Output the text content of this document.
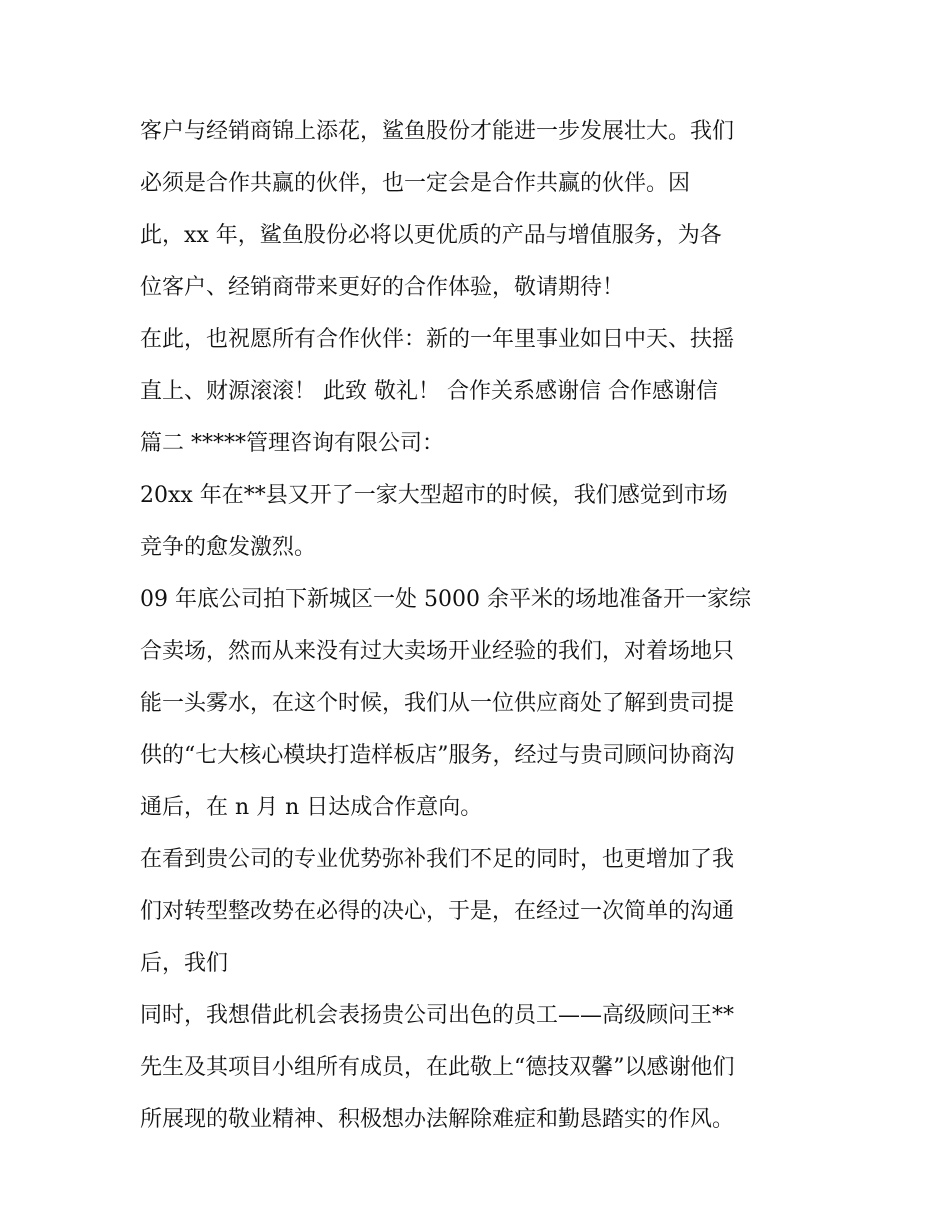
客户与经销商锦上添花，鲨鱼股份才能进一步发展壮大。我们
必须是合作共赢的伙伴，也一定会是合作共赢的伙伴。因
此，xx 年，鲨鱼股份必将以更优质的产品与增值服务，为各
位客户、经销商带来更好的合作体验，敬请期待！
在此，也祝愿所有合作伙伴：新的一年里事业如日中天、扶摇
直上、财源滚滚！ 此致 敬礼！ 合作关系感谢信 合作感谢信
篇二 *****管理咨询有限公司：
20xx 年在**县又开了一家大型超市的时候，我们感觉到市场
竞争的愈发激烈。
09 年底公司拍下新城区一处 5000 余平米的场地准备开一家综
合卖场，然而从来没有过大卖场开业经验的我们，对着场地只
能一头雾水，在这个时候，我们从一位供应商处了解到贵司提
供的“七大核心模块打造样板店”服务，经过与贵司顾问协商沟
通后，在 n 月 n 日达成合作意向。
在看到贵公司的专业优势弥补我们不足的同时，也更增加了我
们对转型整改势在必得的决心，于是，在经过一次简单的沟通
后，我们
同时，我想借此机会表扬贵公司出色的员工——高级顾问王**
先生及其项目小组所有成员，在此敬上“德技双馨”以感谢他们
所展现的敬业精神、积极想办法解除难症和勤恳踏实的作风。
